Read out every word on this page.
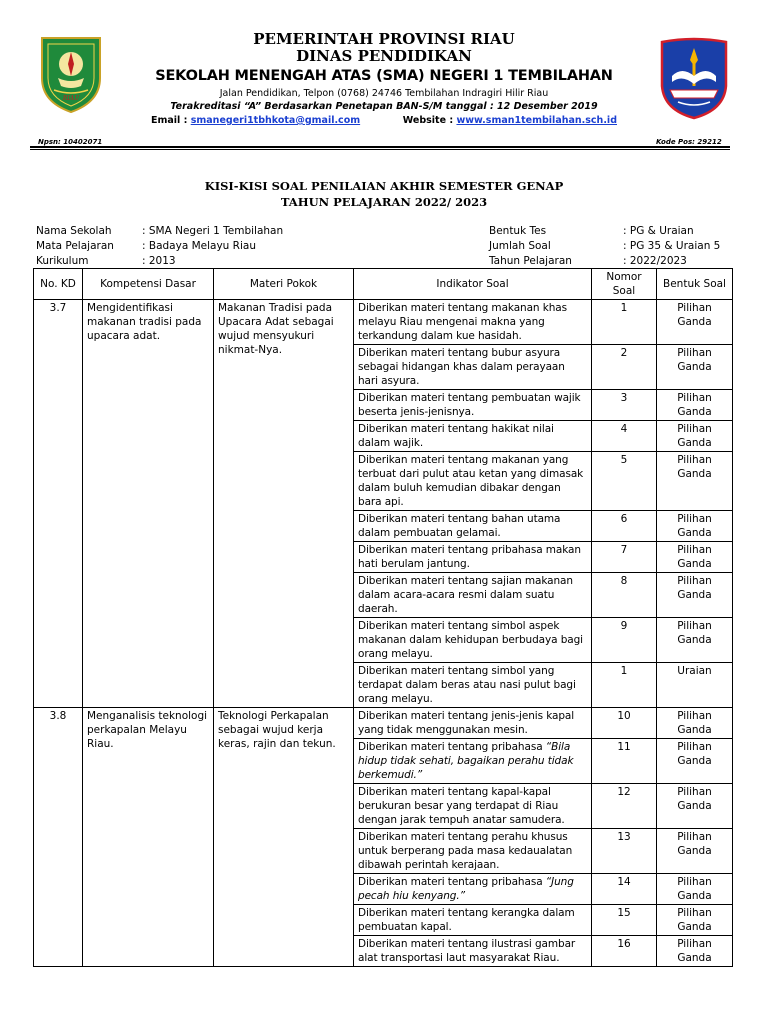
RIAU
PEMERINTAH PROVINSI RIAU
DINAS PENDIDIKAN
SEKOLAH MENENGAH ATAS (SMA) NEGERI 1 TEMBILAHAN
Jalan Pendidikan, Telpon (0768) 24746 Tembilahan Indragiri Hilir Riau
Terakreditasi “A” Berdasarkan Penetapan BAN-S/M tanggal : 12 Desember 2019
Email : smanegeri1tbhkota@gmail.com	Website : www.sman1tembilahan.sch.id
Npsn: 10402071	Kode Pos: 29212
KISI-KISI SOAL PENILAIAN AKHIR SEMESTER GENAP
TAHUN PELAJARAN 2022/ 2023
Nama Sekolah	: SMA Negeri 1 Tembilahan
Mata Pelajaran	: Badaya Melayu Riau
Kurikulum	: 2013
Bentuk Tes	: PG & Uraian
Jumlah Soal	: PG 35 & Uraian 5
Tahun Pelajaran	: 2022/2023
No. KD	Kompetensi Dasar	Materi Pokok	Indikator Soal	Nomor Soal	Bentuk Soal
3.7	Mengidentifikasi makanan tradisi pada upacara adat.	Makanan Tradisi pada Upacara Adat sebagai wujud mensyukuri nikmat-Nya.	Diberikan materi tentang makanan khas melayu Riau mengenai makna yang terkandung dalam kue hasidah.	1	Pilihan Ganda
			Diberikan materi tentang bubur asyura sebagai hidangan khas dalam perayaan hari asyura.	2	Pilihan Ganda
			Diberikan materi tentang pembuatan wajik beserta jenis-jenisnya.	3	Pilihan Ganda
			Diberikan materi tentang hakikat nilai dalam wajik.	4	Pilihan Ganda
			Diberikan materi tentang makanan yang terbuat dari pulut atau ketan yang dimasak dalam buluh kemudian dibakar dengan bara api.	5	Pilihan Ganda
			Diberikan materi tentang bahan utama dalam pembuatan gelamai.	6	Pilihan Ganda
			Diberikan materi tentang pribahasa makan hati berulam jantung.	7	Pilihan Ganda
			Diberikan materi tentang sajian makanan dalam acara-acara resmi dalam suatu daerah.	8	Pilihan Ganda
			Diberikan materi tentang simbol aspek makanan dalam kehidupan berbudaya bagi orang melayu.	9	Pilihan Ganda
			Diberikan materi tentang simbol yang terdapat dalam beras atau nasi pulut bagi orang melayu.	1	Uraian
3.8	Menganalisis teknologi perkapalan Melayu Riau.	Teknologi Perkapalan sebagai wujud kerja keras, rajin dan tekun.	Diberikan materi tentang jenis-jenis kapal yang tidak menggunakan mesin.	10	Pilihan Ganda
			Diberikan materi tentang pribahasa “Bila hidup tidak sehati, bagaikan perahu tidak berkemudi.”	11	Pilihan Ganda
			Diberikan materi tentang kapal-kapal berukuran besar yang terdapat di Riau dengan jarak tempuh anatar samudera.	12	Pilihan Ganda
			Diberikan materi tentang perahu khusus untuk berperang pada masa kedaualatan dibawah perintah kerajaan.	13	Pilihan Ganda
			Diberikan materi tentang pribahasa “Jung pecah hiu kenyang.”	14	Pilihan Ganda
			Diberikan materi tentang kerangka dalam pembuatan kapal.	15	Pilihan Ganda
			Diberikan materi tentang ilustrasi gambar alat transportasi laut masyarakat Riau.	16	Pilihan Ganda
